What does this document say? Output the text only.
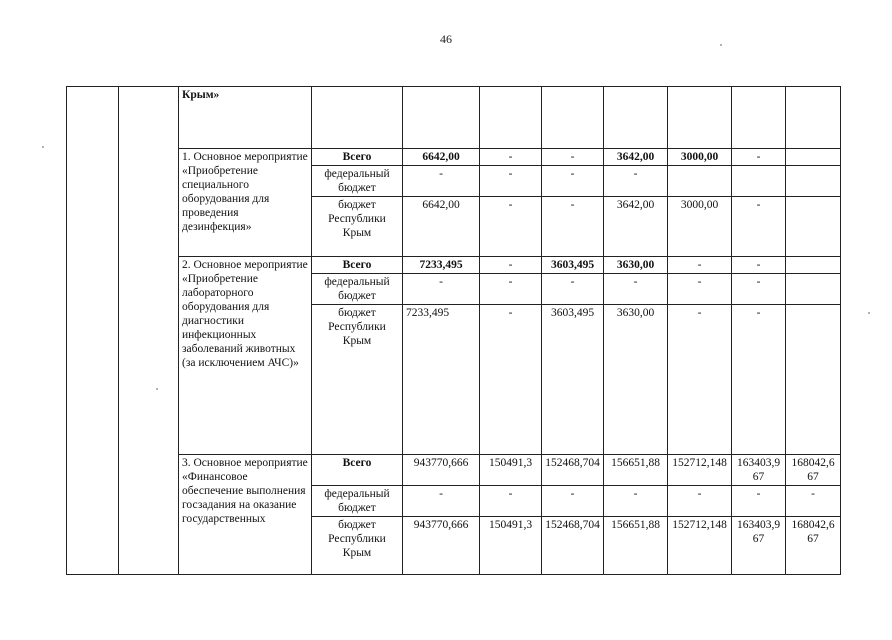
46
		Крым»								
		1. Основное мероприятие «Приобретение специального оборудования для проведения дезинфекция»	Всего	6642,00	-	-	3642,00	3000,00	-	
			федеральный бюджет	-	-	-	-			
			бюджет Республики Крым	6642,00	-	-	3642,00	3000,00	-	
		2. Основное мероприятие «Приобретение лабораторного оборудования для диагностики инфекционных заболеваний животных (за исключением АЧС)»	Всего	7233,495	-	3603,495	3630,00	-	-	
			федеральный бюджет	-	-	-	-	-	-	
			бюджет Республики Крым	7233,495	-	3603,495	3630,00	-	-	
		3. Основное мероприятие «Финансовое обеспечение выполнения госзадания на оказание государственных	Всего	943770,666	150491,3	152468,704	156651,88	152712,148	163403,967	168042,667
			федеральный бюджет	-	-	-	-	-	-	-
			бюджет Республики Крым	943770,666	150491,3	152468,704	156651,88	152712,148	163403,967	168042,667
